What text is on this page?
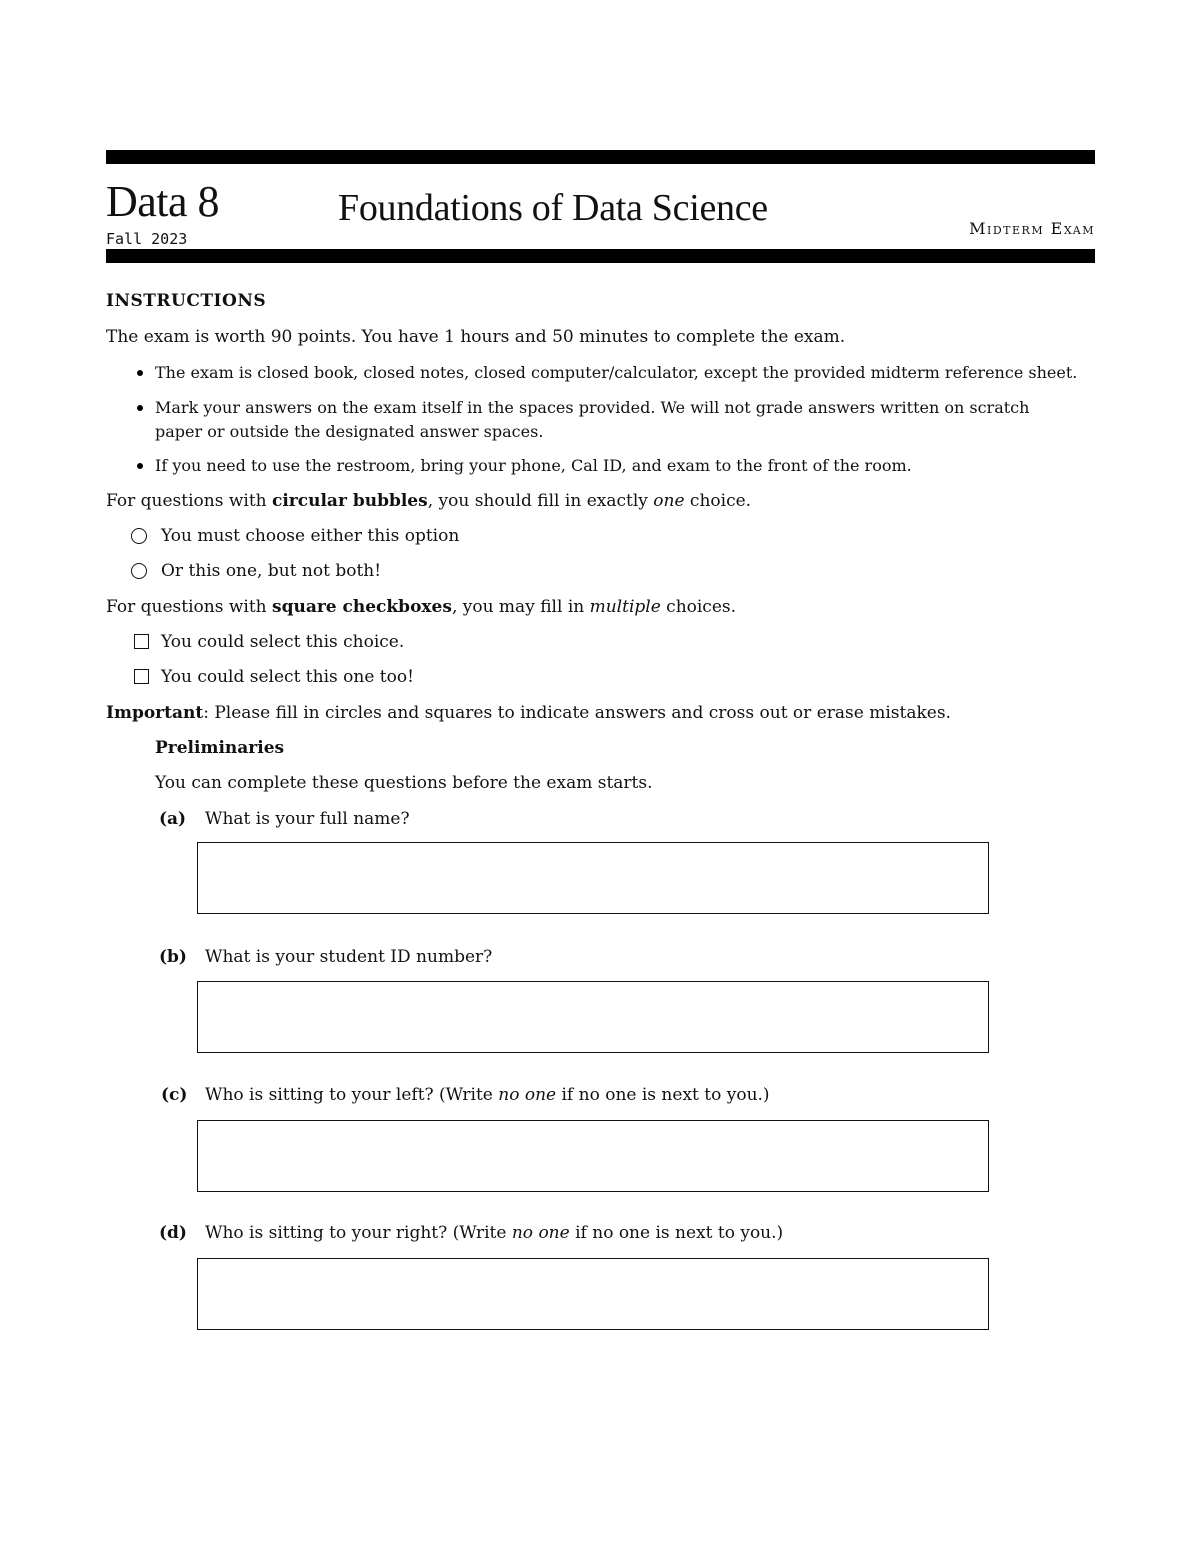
Data 8
Fall 2023
Foundations of Data Science	Midterm Exam
INSTRUCTIONS
The exam is worth 90 points. You have 1 hours and 50 minutes to complete the exam.
The exam is closed book, closed notes, closed computer/calculator, except the provided midterm reference sheet.
Mark your answers on the exam itself in the spaces provided. We will not grade answers written on scratch
paper or outside the designated answer spaces.
If you need to use the restroom, bring your phone, Cal ID, and exam to the front of the room.
For questions with circular bubbles, you should fill in exactly one choice.
You must choose either this option
Or this one, but not both!
For questions with square checkboxes, you may fill in multiple choices.
You could select this choice.
You could select this one too!
Important: Please fill in circles and squares to indicate answers and cross out or erase mistakes.
Preliminaries
You can complete these questions before the exam starts.
(a) What is your full name?
(b) What is your student ID number?
(c) Who is sitting to your left? (Write no one if no one is next to you.)
(d) Who is sitting to your right? (Write no one if no one is next to you.)
